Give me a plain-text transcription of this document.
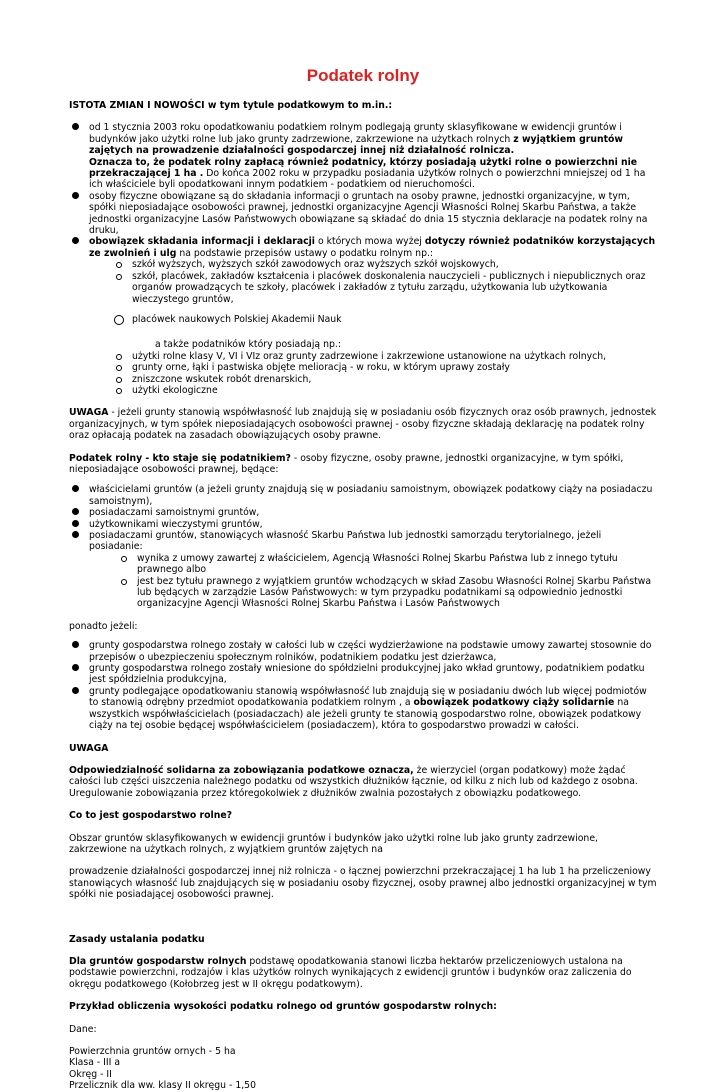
Podatek rolny
ISTOTA ZMIAN I NOWOŚCI w tym tytule podatkowym to m.in.:
od 1 stycznia 2003 roku opodatkowaniu podatkiem rolnym podlegają grunty sklasyfikowane w ewidencji gruntów i budynków jako użytki rolne lub jako grunty zadrzewione, zakrzewione na użytkach rolnych z wyjątkiem gruntów zajętych na prowadzenie działalności gospodarczej innej niż działalność rolnicza.
Oznacza to, że podatek rolny zapłacą również podatnicy, którzy posiadają użytki rolne o powierzchni nie przekraczającej 1 ha . Do końca 2002 roku w przypadku posiadania użytków rolnych o powierzchni mniejszej od 1 ha ich właściciele byli opodatkowani innym podatkiem - podatkiem od nieruchomości.
osoby fizyczne obowiązane są do składania informacji o gruntach na osoby prawne, jednostki organizacyjne, w tym, spółki nieposiadające osobowości prawnej, jednostki organizacyjne Agencji Własności Rolnej Skarbu Państwa, a także jednostki organizacyjne Lasów Państwowych obowiązane są składać do dnia 15 stycznia deklaracje na podatek rolny na druku,
obowiązek składania informacji i deklaracji o których mowa wyżej dotyczy również podatników korzystających ze zwolnień i ulg na podstawie przepisów ustawy o podatku rolnym np.:
szkół wyższych, wyższych szkół zawodowych oraz wyższych szkół wojskowych,
szkół, placówek, zakładów kształcenia i placówek doskonalenia nauczycieli - publicznych i niepublicznych oraz organów prowadzących te szkoły, placówek i zakładów z tytułu zarządu, użytkowania lub użytkowania wieczystego gruntów,
placówek naukowych Polskiej Akademii Nauk
a także podatników który posiadają np.:
użytki rolne klasy V, VI i VIz oraz grunty zadrzewione i zakrzewione ustanowione na użytkach rolnych,
grunty orne, łąki i pastwiska objęte melioracją - w roku, w którym uprawy zostały
zniszczone wskutek robót drenarskich,
użytki ekologiczne
UWAGA - jeżeli grunty stanowią współwłasność lub znajdują się w posiadaniu osób fizycznych oraz osób prawnych, jednostek organizacyjnych, w tym spółek nieposiadających osobowości prawnej - osoby fizyczne składają deklarację na podatek rolny oraz opłacają podatek na zasadach obowiązujących osoby prawne.
Podatek rolny - kto staje się podatnikiem? - osoby fizyczne, osoby prawne, jednostki organizacyjne, w tym spółki, nieposiadające osobowości prawnej, będące:
właścicielami gruntów (a jeżeli grunty znajdują się w posiadaniu samoistnym, obowiązek podatkowy ciąży na posiadaczu samoistnym),
posiadaczami samoistnymi gruntów,
użytkownikami wieczystymi gruntów,
posiadaczami gruntów, stanowiących własność Skarbu Państwa lub jednostki samorządu terytorialnego, jeżeli posiadanie:
wynika z umowy zawartej z właścicielem, Agencją Własności Rolnej Skarbu Państwa lub z innego tytułu prawnego albo
jest bez tytułu prawnego z wyjątkiem gruntów wchodzących w skład Zasobu Własności Rolnej Skarbu Państwa lub będących w zarządzie Lasów Państwowych: w tym przypadku podatnikami są odpowiednio jednostki organizacyjne Agencji Własności Rolnej Skarbu Państwa i Lasów Państwowych
ponadto jeżeli:
grunty gospodarstwa rolnego zostały w całości lub w części wydzierżawione na podstawie umowy zawartej stosownie do przepisów o ubezpieczeniu społecznym rolników, podatnikiem podatku jest dzierżawca,
grunty gospodarstwa rolnego zostały wniesione do spółdzielni produkcyjnej jako wkład gruntowy, podatnikiem podatku jest spółdzielnia produkcyjna,
grunty podlegające opodatkowaniu stanowią współwłasność lub znajdują się w posiadaniu dwóch lub więcej podmiotów to stanowią odrębny przedmiot opodatkowania podatkiem rolnym , a obowiązek podatkowy ciąży solidarnie na wszystkich współwłaścicielach (posiadaczach) ale jeżeli grunty te stanowią gospodarstwo rolne, obowiązek podatkowy ciąży na tej osobie będącej współwłaścicielem (posiadaczem), która to gospodarstwo prowadzi w całości.
UWAGA
Odpowiedzialność solidarna za zobowiązania podatkowe oznacza, że wierzyciel (organ podatkowy) może żądać całości lub części uiszczenia należnego podatku od wszystkich dłużników łącznie, od kilku z nich lub od każdego z osobna. Uregulowanie zobowiązania przez któregokolwiek z dłużników zwalnia pozostałych z obowiązku podatkowego.
Co to jest gospodarstwo rolne?
Obszar gruntów sklasyfikowanych w ewidencji gruntów i budynków jako użytki rolne lub jako grunty zadrzewione, zakrzewione na użytkach rolnych, z wyjątkiem gruntów zajętych na
prowadzenie działalności gospodarczej innej niż rolnicza - o łącznej powierzchni przekraczającej 1 ha lub 1 ha przeliczeniowy stanowiących własność lub znajdujących się w posiadaniu osoby fizycznej, osoby prawnej albo jednostki organizacyjnej w tym spółki nie posiadającej osobowości prawnej.
Zasady ustalania podatku
Dla gruntów gospodarstw rolnych podstawę opodatkowania stanowi liczba hektarów przeliczeniowych ustalona na podstawie powierzchni, rodzajów i klas użytków rolnych wynikających z ewidencji gruntów i budynków oraz zaliczenia do okręgu podatkowego (Kołobrzeg jest w II okręgu podatkowym).
Przykład obliczenia wysokości podatku rolnego od gruntów gospodarstw rolnych:
Dane:
Powierzchnia gruntów ornych - 5 ha
Klasa - III a
Okręg - II
Przelicznik dla ww. klasy II okręgu - 1,50
